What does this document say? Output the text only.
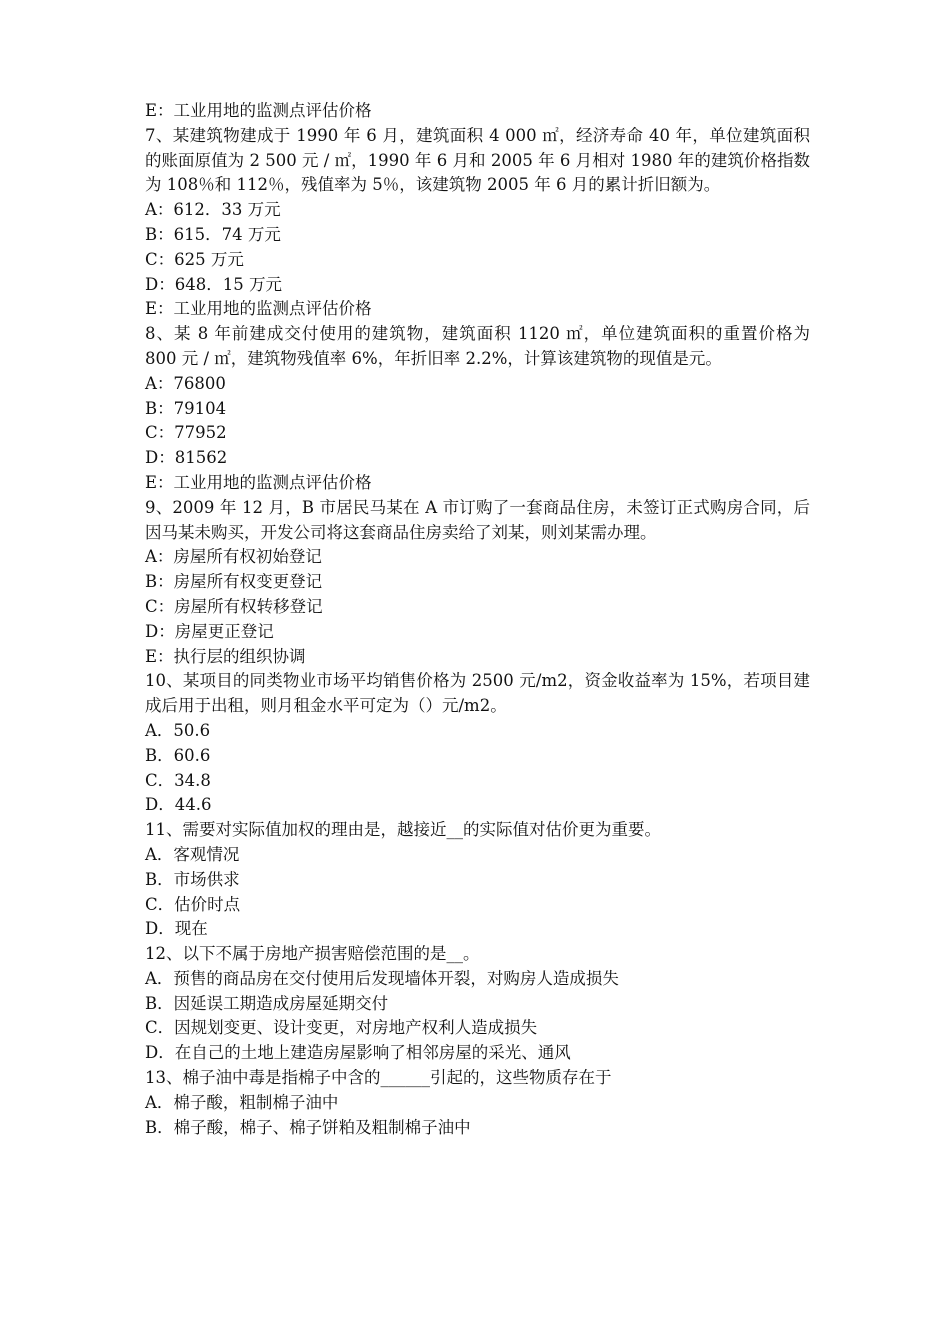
E：工业用地的监测点评估价格
7、某建筑物建成于 1990 年 6 月，建筑面积 4 000 ㎡，经济寿命 40 年，单位建筑面积的账面原值为 2 500 元 / ㎡，1990 年 6 月和 2005 年 6 月相对 1980 年的建筑价格指数为 108％和 112％，残值率为 5％，该建筑物 2005 年 6 月的累计折旧额为。
A：612．33 万元
B：615．74 万元
C：625 万元
D：648．15 万元
E：工业用地的监测点评估价格
8、某 8 年前建成交付使用的建筑物，建筑面积 1120 ㎡，单位建筑面积的重置价格为 800 元 / ㎡，建筑物残值率 6%，年折旧率 2.2%，计算该建筑物的现值是元。
A：76800
B：79104
C：77952
D：81562
E：工业用地的监测点评估价格
9、2009 年 12 月，B 市居民马某在 A 市订购了一套商品住房，未签订正式购房合同，后因马某未购买，开发公司将这套商品住房卖给了刘某，则刘某需办理。
A：房屋所有权初始登记
B：房屋所有权变更登记
C：房屋所有权转移登记
D：房屋更正登记
E：执行层的组织协调
10、某项目的同类物业市场平均销售价格为 2500 元/m2，资金收益率为 15%，若项目建成后用于出租，则月租金水平可定为（）元/m2。
A．50.6
B．60.6
C．34.8
D．44.6
11、需要对实际值加权的理由是，越接近__的实际值对估价更为重要。
A．客观情况
B．市场供求
C．估价时点
D．现在
12、以下不属于房地产损害赔偿范围的是__。
A．预售的商品房在交付使用后发现墙体开裂，对购房人造成损失
B．因延误工期造成房屋延期交付
C．因规划变更、设计变更，对房地产权利人造成损失
D．在自己的土地上建造房屋影响了相邻房屋的采光、通风
13、棉子油中毒是指棉子中含的______引起的，这些物质存在于
A．棉子酸，粗制棉子油中
B．棉子酸，棉子、棉子饼粕及粗制棉子油中
